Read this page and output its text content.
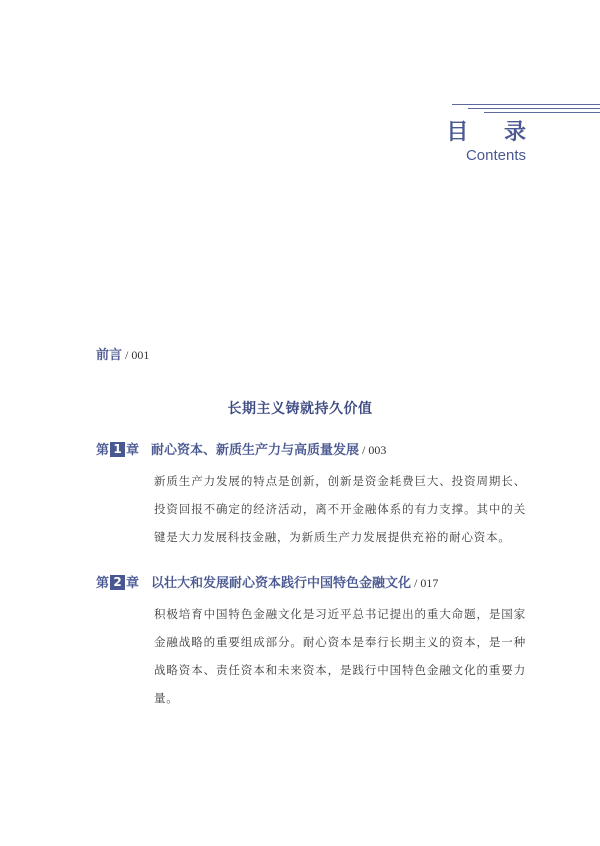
目 录
Contents
前言 / 001
长期主义铸就持久价值
第 1 章 耐心资本、新质生产力与高质量发展 / 003
新质生产力发展的特点是创新，创新是资金耗费巨大、投资周期长、投资回报不确定的经济活动，离不开金融体系的有力支撑。其中的关键是大力发展科技金融，为新质生产力发展提供充裕的耐心资本。
第 2 章 以壮大和发展耐心资本践行中国特色金融文化 / 017
积极培育中国特色金融文化是习近平总书记提出的重大命题，是国家金融战略的重要组成部分。耐心资本是奉行长期主义的资本，是一种战略资本、责任资本和未来资本，是践行中国特色金融文化的重要力量。
